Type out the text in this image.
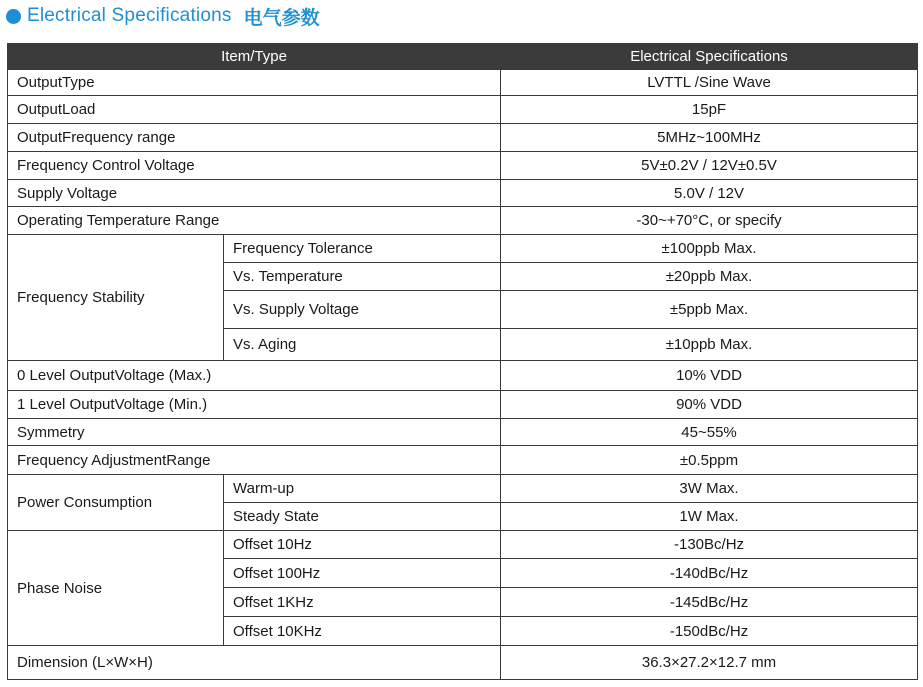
Electrical Specifications 电气参数
Item/Type		Electrical Specifications
OutputType		LVTTL /Sine Wave
OutputLoad		15pF
OutputFrequency range		5MHz~100MHz
Frequency Control Voltage		5V±0.2V / 12V±0.5V
Supply Voltage		5.0V / 12V
Operating Temperature Range		-30~+70°C, or specify
Frequency Stability	Frequency Tolerance	±100ppb Max.
	Vs. Temperature	±20ppb Max.
	Vs. Supply Voltage	±5ppb Max.
	Vs. Aging	±10ppb Max.
0 Level OutputVoltage (Max.)		10% VDD
1 Level OutputVoltage (Min.)		90% VDD
Symmetry		45~55%
Frequency AdjustmentRange		±0.5ppm
Power Consumption	Warm-up	3W Max.
	Steady State	1W Max.
Phase Noise	Offset 10Hz	-130Bc/Hz
	Offset 100Hz	-140dBc/Hz
	Offset 1KHz	-145dBc/Hz
	Offset 10KHz	-150dBc/Hz
Dimension (L×W×H)		36.3×27.2×12.7 mm
